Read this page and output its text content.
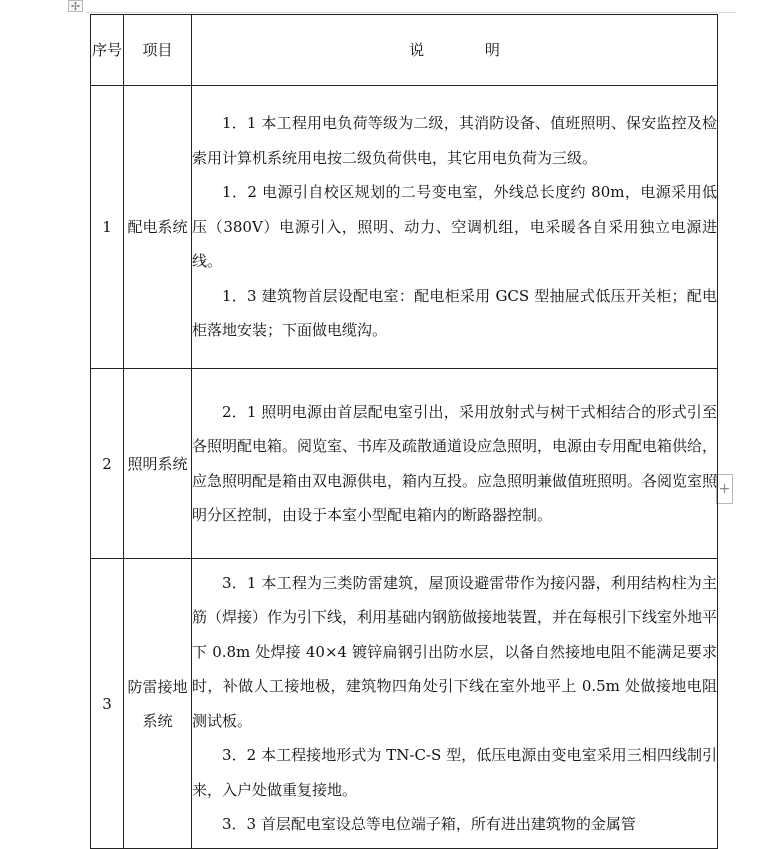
✢
+
序号	项目	说 明
1	配电系统	1．1 本工程用电负荷等级为二级，其消防设备、值班照明、保安监控及检索用计算机系统用电按二级负荷供电，其它用电负荷为三级。

1．2 电源引自校区规划的二号变电室，外线总长度约 80m，电源采用低压（380V）电源引入，照明、动力、空调机组，电采暖各自采用独立电源进线。

1．3 建筑物首层设配电室：配电柜采用 GCS 型抽屉式低压开关柜；配电柜落地安装；下面做电缆沟。

2	照明系统	2．1 照明电源由首层配电室引出，采用放射式与树干式相结合的形式引至各照明配电箱。阅览室、书库及疏散通道设应急照明，电源由专用配电箱供给，应急照明配是箱由双电源供电，箱内互投。应急照明兼做值班照明。各阅览室照明分区控制，由设于本室小型配电箱内的断路器控制。

3	防雷接地系统	3．1 本工程为三类防雷建筑，屋顶设避雷带作为接闪器，利用结构柱为主筋（焊接）作为引下线，利用基础内钢筋做接地装置，并在每根引下线室外地平下 0.8m 处焊接 40×4 镀锌扁钢引出防水层，以备自然接地电阻不能满足要求时，补做人工接地极，建筑物四角处引下线在室外地平上 0.5m 处做接地电阻测试板。

3．2 本工程接地形式为 TN-C-S 型，低压电源由变电室采用三相四线制引来，入户处做重复接地。

3．3 首层配电室设总等电位端子箱，所有进出建筑物的金属管
